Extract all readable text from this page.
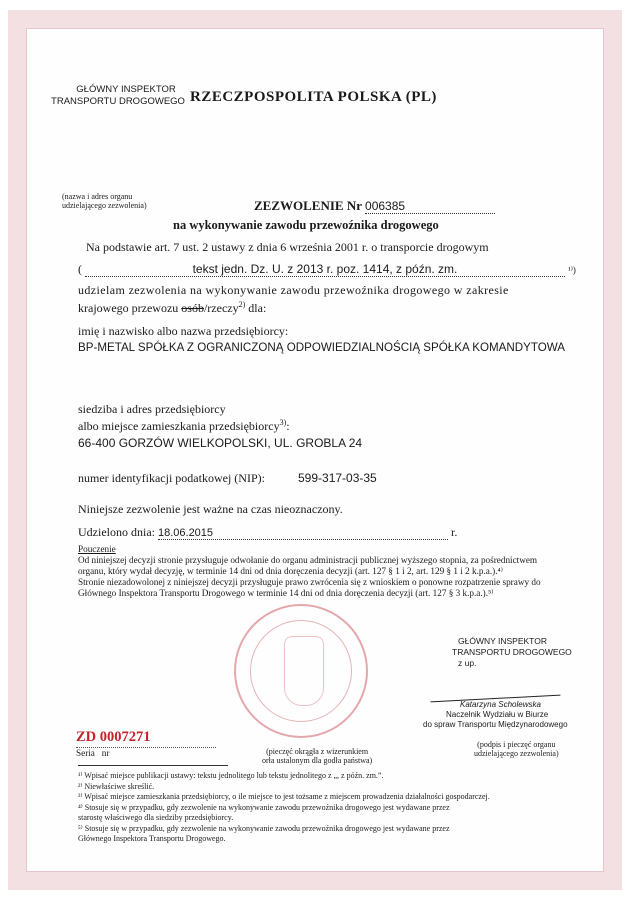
GŁÓWNY INSPEKTOR
TRANSPORTU DROGOWEGO RZECZPOSPOLITA POLSKA (PL)
(nazwa i adres organu
udzielającego zezwolenia)	ZEZWOLENIE Nr 006385
na wykonywanie zawodu przewoźnika drogowego
Na podstawie art. 7 ust. 2 ustawy z dnia 6 września 2001 r. o transporcie drogowym
(	tekst jedn. Dz. U. z 2013 r. poz. 1414, z późn. zm.	¹⁾)
udzielam zezwolenia na wykonywanie zawodu przewoźnika drogowego w zakresie
krajowego przewozu osób/rzeczy$^{2)}$ dla:
imię i nazwisko albo nazwa przedsiębiorcy:
BP-METAL SPÓŁKA Z OGRANICZONĄ ODPOWIEDZIALNOŚCIĄ SPÓŁKA KOMANDYTOWA
siedziba i adres przedsiębiorcy
albo miejsce zamieszkania przedsiębiorcy$^{3)}$:
66-400 GORZÓW WIELKOPOLSKI, UL. GROBLA 24
numer identyfikacji podatkowej (NIP):	599-317-03-35
Niniejsze zezwolenie jest ważne na czas nieoznaczony.
Udzielono dnia: 18.06.2015	r.
Pouczenie
Od niniejszej decyzji stronie przysługuje odwołanie do organu administracji publicznej wyższego stopnia, za pośrednictwem
organu, który wydał decyzję, w terminie 14 dni od dnia doręczenia decyzji (art. 127 § 1 i 2, art. 129 § 1 i 2 k.p.a.).⁴⁾
Stronie niezadowolonej z niniejszej decyzji przysługuje prawo zwrócenia się z wnioskiem o ponowne rozpatrzenie sprawy do
Głównego Inspektora Transportu Drogowego w terminie 14 dni od dnia doręczenia decyzji (art. 127 § 3 k.p.a.).⁵⁾
GŁÓWNY INSPEKTOR
TRANSPORTU DROGOWEGO
z up.
Katarzyna Scholewska
Naczelnik Wydziału w Biurze
do spraw Transportu Międzynarodowego
ZD 0007271
Seria nr	(pieczęć okrągła z wizerunkiem
orła ustalonym dla godła państwa)
(podpis i pieczęć organu
udzielającego zezwolenia)
¹⁾ Wpisać miejsce publikacji ustawy: tekstu jednolitego lub tekstu jednolitego z „, z późn. zm.”.
²⁾ Niewłaściwe skreślić.
³⁾ Wpisać miejsce zamieszkania przedsiębiorcy, o ile miejsce to jest tożsame z miejscem prowadzenia działalności gospodarczej.
⁴⁾ Stosuje się w przypadku, gdy zezwolenie na wykonywanie zawodu przewoźnika drogowego jest wydawane przez
starostę właściwego dla siedziby przedsiębiorcy.
⁵⁾ Stosuje się w przypadku, gdy zezwolenie na wykonywanie zawodu przewoźnika drogowego jest wydawane przez
Głównego Inspektora Transportu Drogowego.
